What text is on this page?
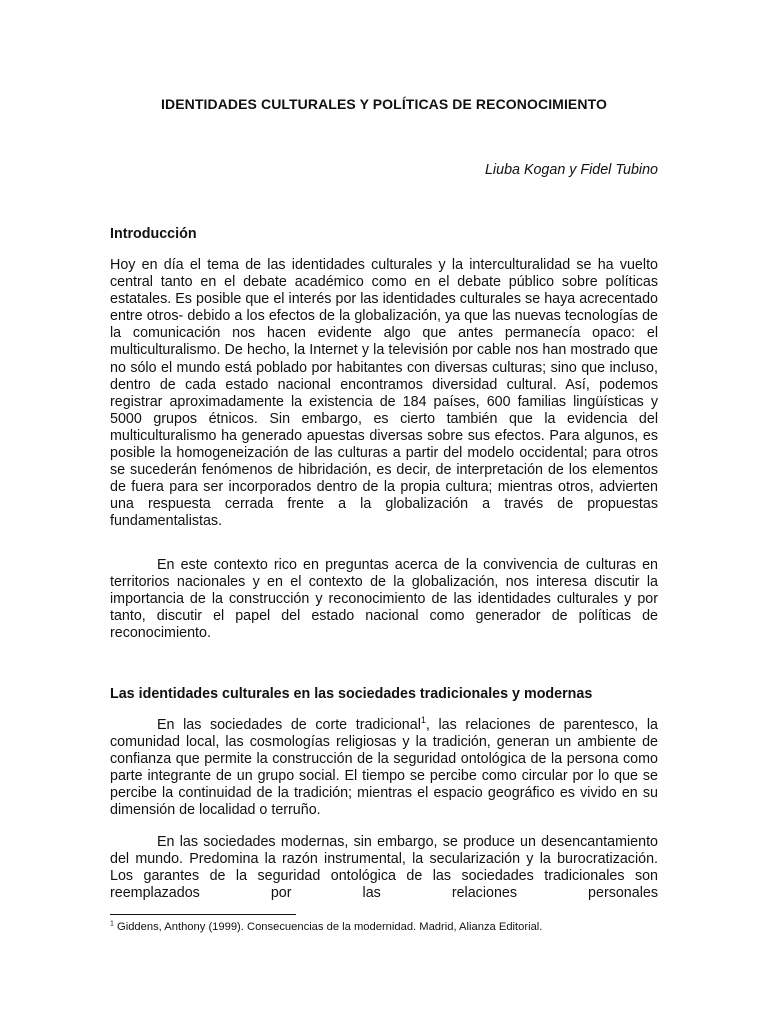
IDENTIDADES CULTURALES Y POLÍTICAS DE RECONOCIMIENTO

Liuba Kogan y Fidel Tubino

Introducción

Hoy en día el tema de las identidades culturales y la interculturalidad se ha vuelto central tanto en el debate académico como en el debate público sobre políticas estatales. Es posible que el interés por las identidades culturales se haya acrecentado entre otros- debido a los efectos de la globalización, ya que las nuevas tecnologías de la comunicación nos hacen evidente algo que antes permanecía opaco: el multiculturalismo. De hecho, la Internet y la televisión por cable nos han mostrado que no sólo el mundo está poblado por habitantes con diversas culturas; sino que incluso, dentro de cada estado nacional encontramos diversidad cultural. Así, podemos registrar aproximadamente la existencia de 184 países, 600 familias lingüísticas y 5000 grupos étnicos. Sin embargo, es cierto también que la evidencia del multiculturalismo ha generado apuestas diversas sobre sus efectos. Para algunos, es posible la homogeneización de las culturas a partir del modelo occidental; para otros se sucederán fenómenos de hibridación, es decir, de interpretación de los elementos de fuera para ser incorporados dentro de la propia cultura; mientras otros, advierten una respuesta cerrada frente a la globalización a través de propuestas fundamentalistas.

En este contexto rico en preguntas acerca de la convivencia de culturas en territorios nacionales y en el contexto de la globalización, nos interesa discutir la importancia de la construcción y reconocimiento de las identidades culturales y por tanto, discutir el papel del estado nacional como generador de políticas de reconocimiento.

Las identidades culturales en las sociedades tradicionales y modernas

En las sociedades de corte tradicional$^1$, las relaciones de parentesco, la comunidad local, las cosmologías religiosas y la tradición, generan un ambiente de confianza que permite la construcción de la seguridad ontológica de la persona como parte integrante de un grupo social. El tiempo se percibe como circular por lo que se percibe la continuidad de la tradición; mientras el espacio geográfico es vivido en su dimensión de localidad o terruño.

En las sociedades modernas, sin embargo, se produce un desencantamiento del mundo. Predomina la razón instrumental, la secularización y la burocratización. Los garantes de la seguridad ontológica de las sociedades tradicionales son reemplazados por las relaciones personales

$^1$ Giddens, Anthony (1999). Consecuencias de la modernidad. Madrid, Alianza Editorial.
